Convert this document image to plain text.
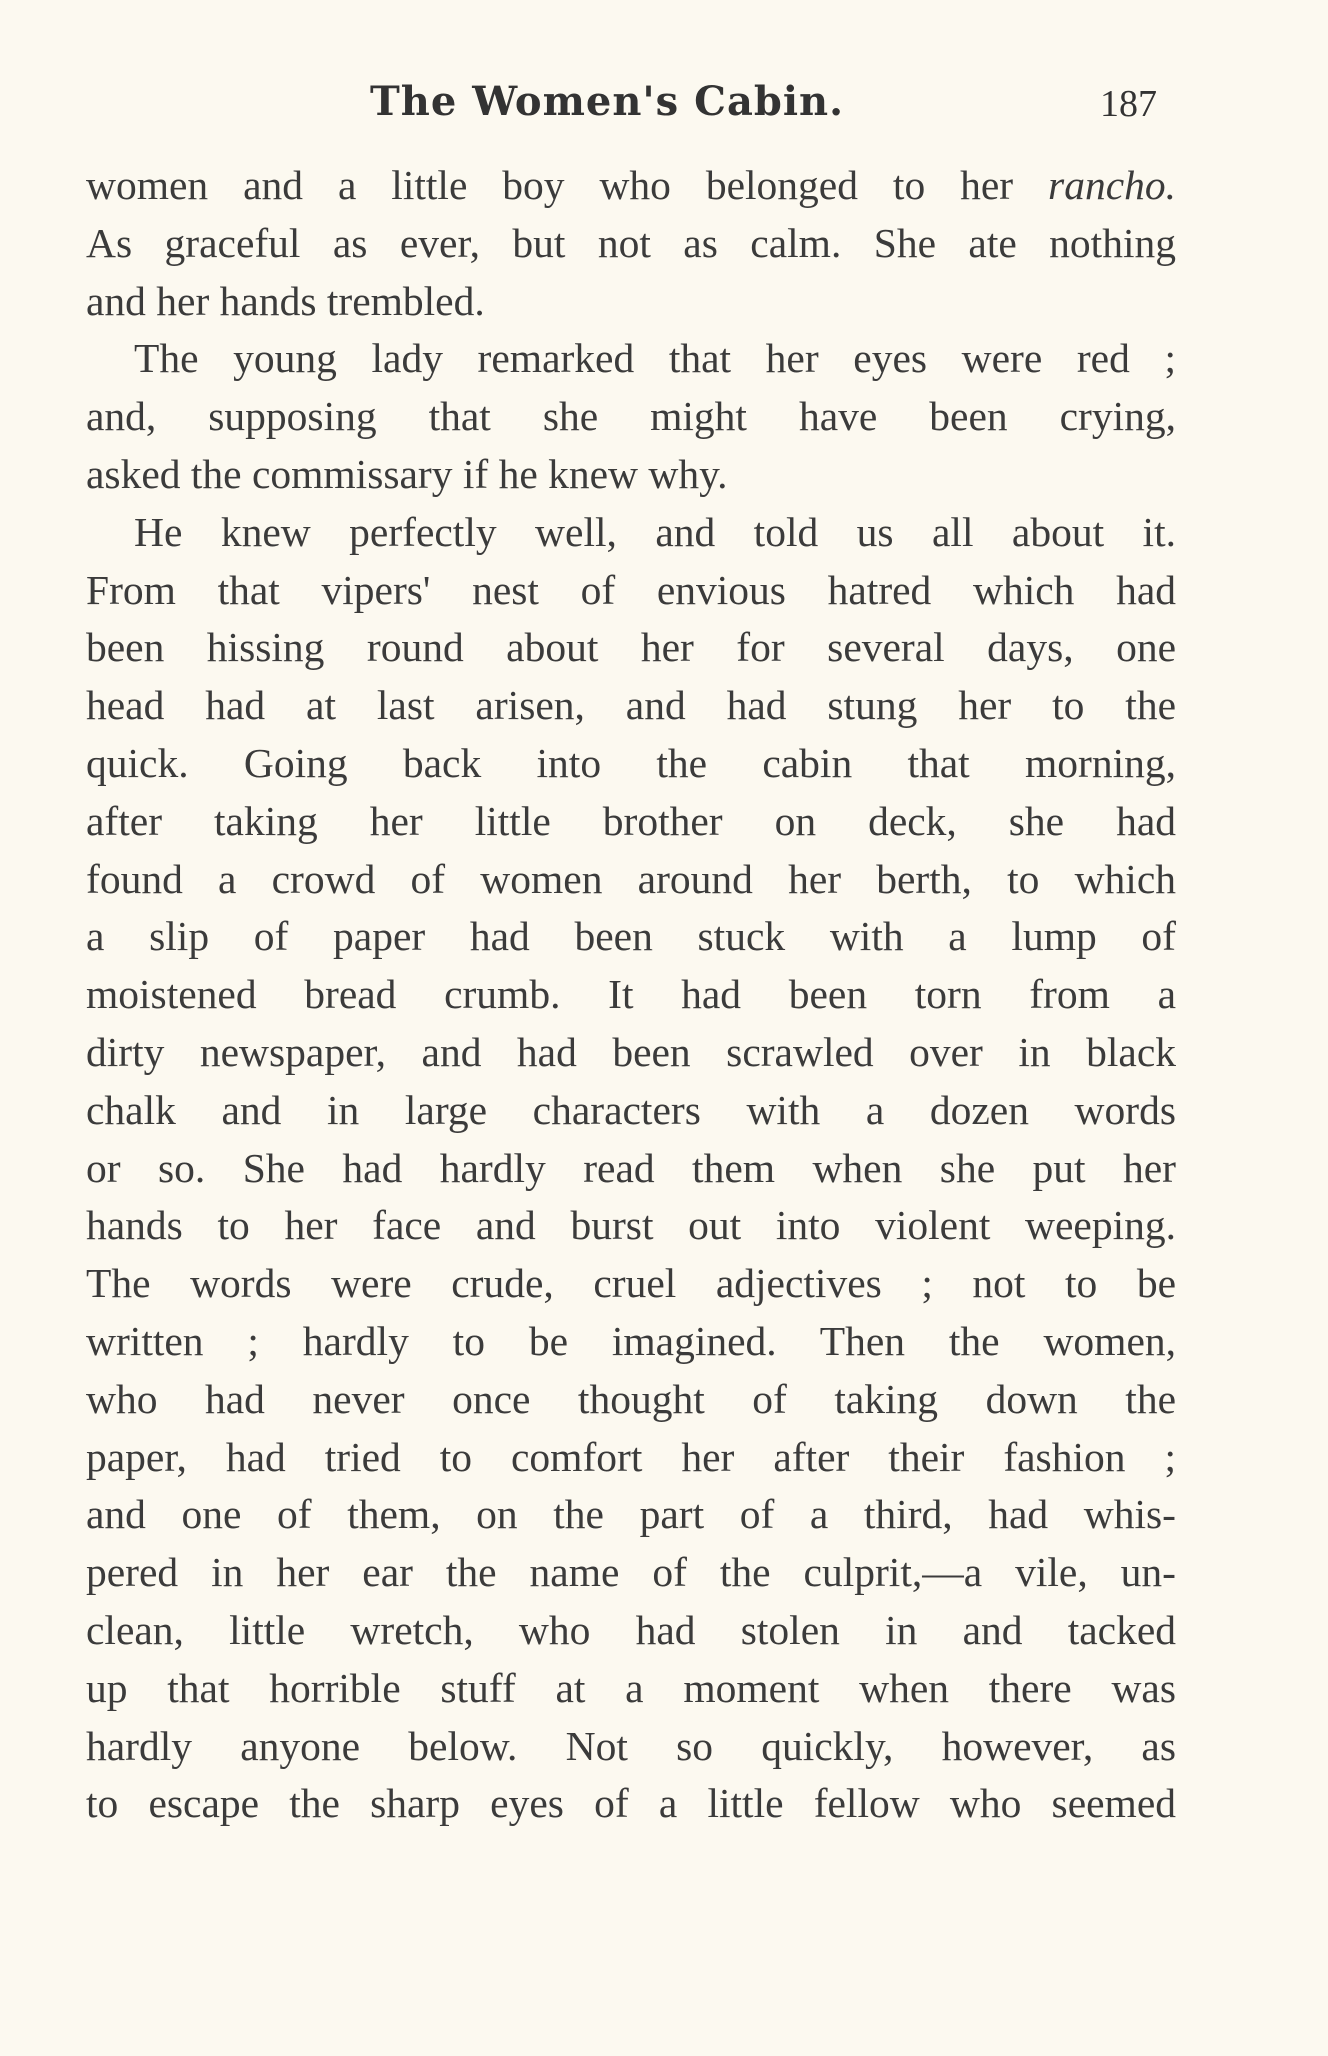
The Women's Cabin.	187
women and a little boy who belonged to her rancho.
As graceful as ever, but not as calm. She ate nothing
and her hands trembled.
The young lady remarked that her eyes were red ;
and, supposing that she might have been crying,
asked the commissary if he knew why.
He knew perfectly well, and told us all about it.
From that vipers' nest of envious hatred which had
been hissing round about her for several days, one
head had at last arisen, and had stung her to the
quick. Going back into the cabin that morning,
after taking her little brother on deck, she had
found a crowd of women around her berth, to which
a slip of paper had been stuck with a lump of
moistened bread crumb. It had been torn from a
dirty newspaper, and had been scrawled over in black
chalk and in large characters with a dozen words
or so. She had hardly read them when she put her
hands to her face and burst out into violent weeping.
The words were crude, cruel adjectives ; not to be
written ; hardly to be imagined. Then the women,
who had never once thought of taking down the
paper, had tried to comfort her after their fashion ;
and one of them, on the part of a third, had whis-
pered in her ear the name of the culprit,—a vile, un-
clean, little wretch, who had stolen in and tacked
up that horrible stuff at a moment when there was
hardly anyone below. Not so quickly, however, as
to escape the sharp eyes of a little fellow who seemed
